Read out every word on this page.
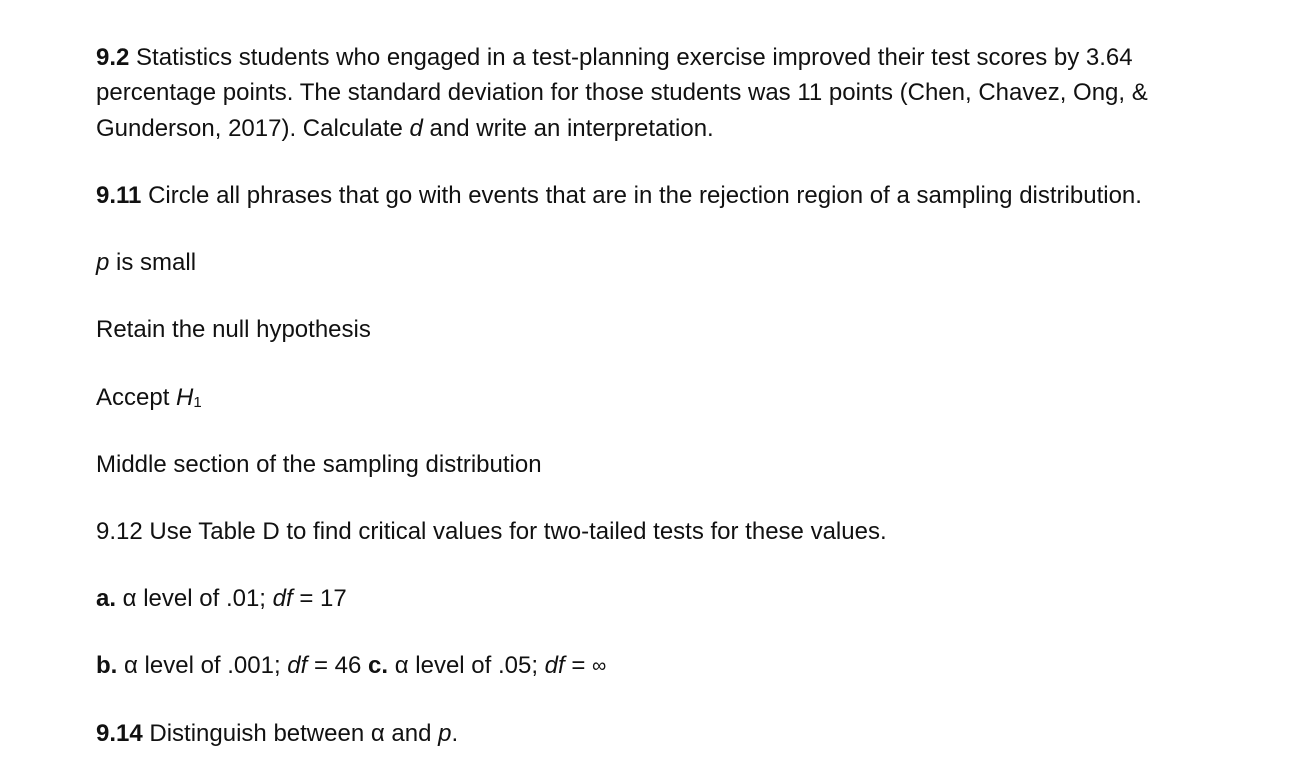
9.2 Statistics students who engaged in a test-planning exercise improved their test scores by 3.64
percentage points. The standard deviation for those students was 11 points (Chen, Chavez, Ong, &
Gunderson, 2017). Calculate d and write an interpretation.
9.11 Circle all phrases that go with events that are in the rejection region of a sampling distribution.
p is small
Retain the null hypothesis
Accept $H_1$
Middle section of the sampling distribution
9.12 Use Table D to find critical values for two-tailed tests for these values.
a. α level of .01; df = 17
b. α level of .001; df = 46 c. α level of .05; df = ∞
9.14 Distinguish between α and p.
